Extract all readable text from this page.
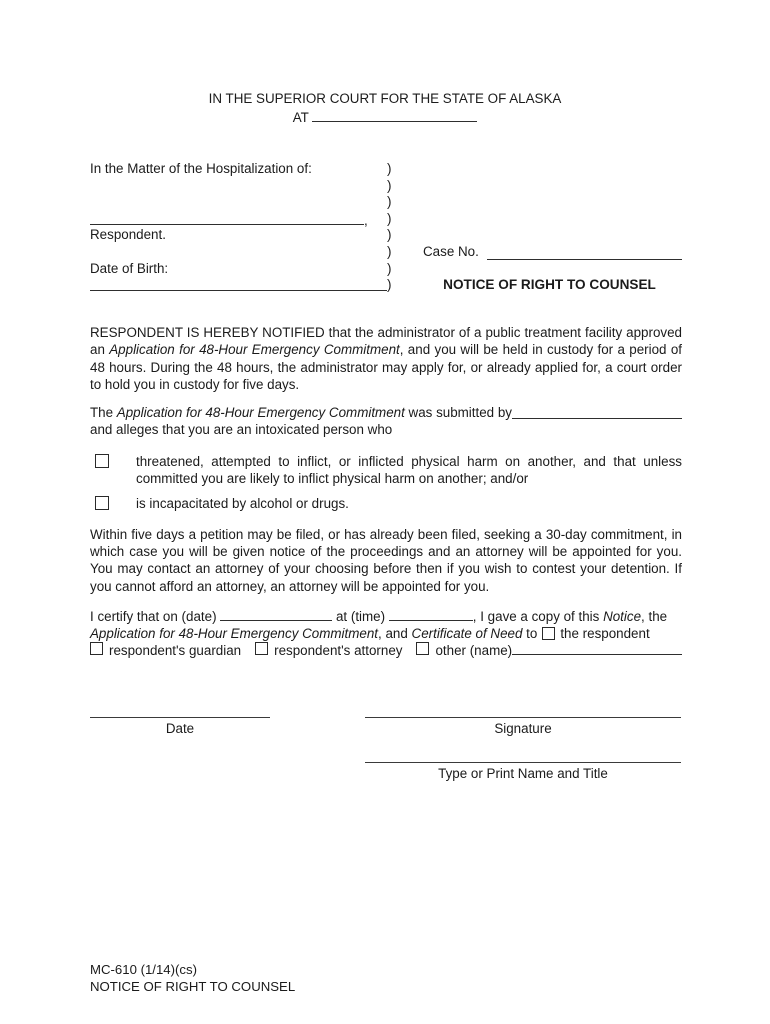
IN THE SUPERIOR COURT FOR THE STATE OF ALASKA
AT
In the Matter of the Hospitalization of:	)
)
)
,	)
Respondent.	)
)	Case No.
Date of Birth:	)
)	NOTICE OF RIGHT TO COUNSEL
RESPONDENT IS HEREBY NOTIFIED that the administrator of a public treatment facility approved an Application for 48-Hour Emergency Commitment, and you will be held in custody for a period of 48 hours. During the 48 hours, the administrator may apply for, or already applied for, a court order to hold you in custody for five days.
The Application for 48-Hour Emergency Commitment was submitted by
and alleges that you are an intoxicated person who
threatened, attempted to inflict, or inflicted physical harm on another, and that unless committed you are likely to inflict physical harm on another; and/or
is incapacitated by alcohol or drugs.
Within five days a petition may be filed, or has already been filed, seeking a 30-day commitment, in which case you will be given notice of the proceedings and an attorney will be appointed for you. You may contact an attorney of your choosing before then if you wish to contest your detention. If you cannot afford an attorney, an attorney will be appointed for you.
I certify that on (date)	at (time)	, I gave a copy of this Notice, the
Application for 48-Hour Emergency Commitment, and Certificate of Need to the respondent
respondent's guardian respondent's attorney other (name)
Date	Signature
Type or Print Name and Title
MC-610 (1/14)(cs)
NOTICE OF RIGHT TO COUNSEL
